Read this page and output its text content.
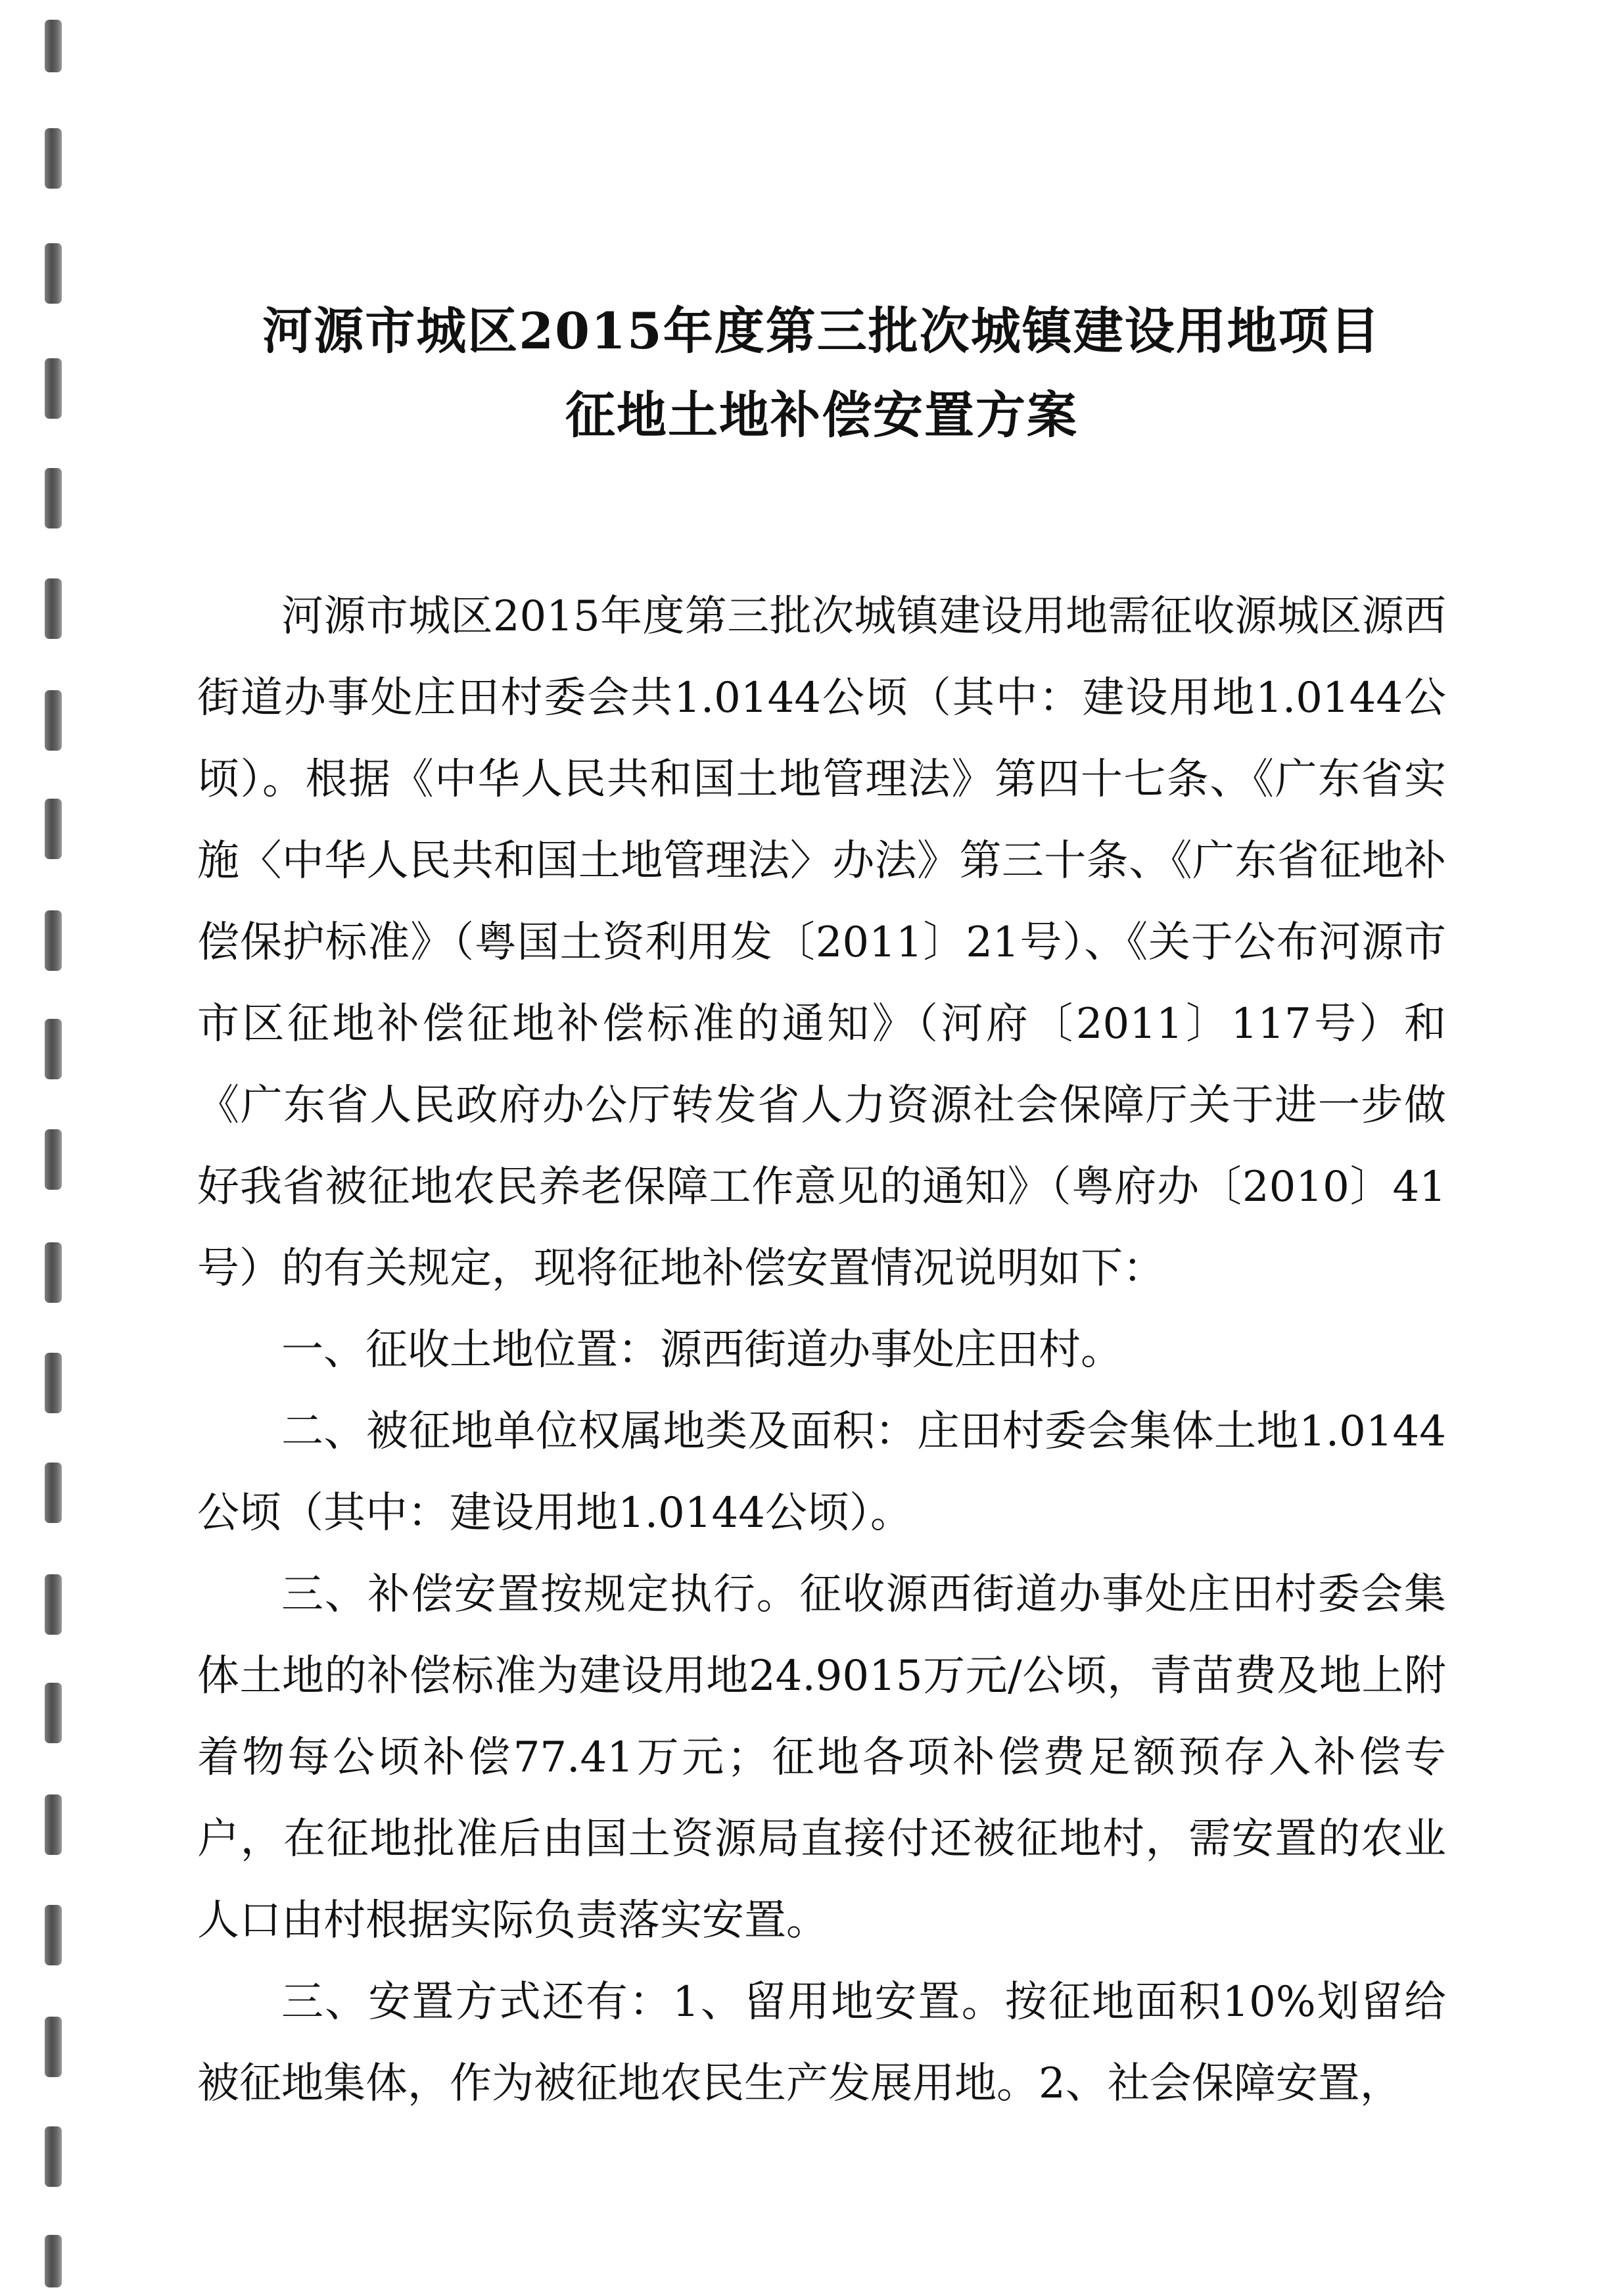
河源市城区2015年度第三批次城镇建设用地项目
征地土地补偿安置方案

河源市城区2015年度第三批次城镇建设用地需征收源城区源西街道办事处庄田村委会共1.0144公顷（其中：建设用地1.0144公顷）。根据《中华人民共和国土地管理法》第四十七条、《广东省实施〈中华人民共和国土地管理法〉办法》第三十条、《广东省征地补偿保护标准》（粤国土资利用发〔2011〕21号）、《关于公布河源市市区征地补偿征地补偿标准的通知》（河府〔2011〕117号）和《广东省人民政府办公厅转发省人力资源社会保障厅关于进一步做好我省被征地农民养老保障工作意见的通知》（粤府办〔2010〕41号）的有关规定，现将征地补偿安置情况说明如下：

一、征收土地位置：源西街道办事处庄田村。

二、被征地单位权属地类及面积：庄田村委会集体土地1.0144公顷（其中：建设用地1.0144公顷）。

三、补偿安置按规定执行。征收源西街道办事处庄田村委会集体土地的补偿标准为建设用地24.9015万元/公顷，青苗费及地上附着物每公顷补偿77.41万元；征地各项补偿费足额预存入补偿专户，在征地批准后由国土资源局直接付还被征地村，需安置的农业人口由村根据实际负责落实安置。

三、安置方式还有：1、留用地安置。按征地面积10%划留给被征地集体，作为被征地农民生产发展用地。2、社会保障安置，
